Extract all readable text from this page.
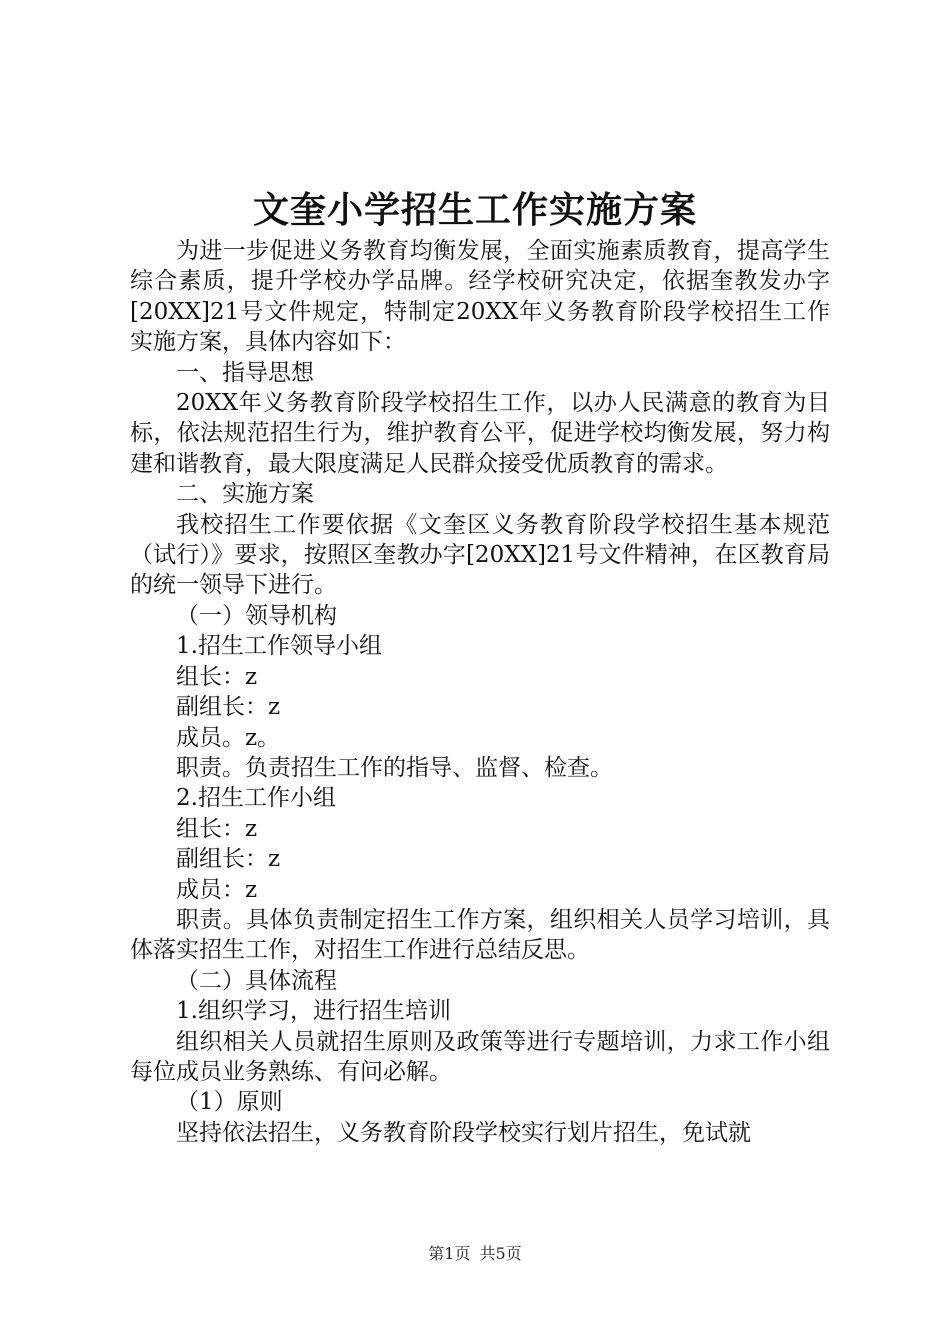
文奎小学招生工作实施方案

为进一步促进义务教育均衡发展，全面实施素质教育，提高学生综合素质，提升学校办学品牌。经学校研究决定，依据奎教发办字[20XX]21号文件规定，特制定20XX年义务教育阶段学校招生工作实施方案，具体内容如下：

一、指导思想

20XX年义务教育阶段学校招生工作，以办人民满意的教育为目标，依法规范招生行为，维护教育公平，促进学校均衡发展，努力构建和谐教育，最大限度满足人民群众接受优质教育的需求。

二、实施方案

我校招生工作要依据《文奎区义务教育阶段学校招生基本规范（试行）》要求，按照区奎教办字[20XX]21号文件精神，在区教育局的统一领导下进行。

（一）领导机构

1.招生工作领导小组

组长：z

副组长：z

成员。z。

职责。负责招生工作的指导、监督、检查。

2.招生工作小组

组长：z

副组长：z

成员：z

职责。具体负责制定招生工作方案，组织相关人员学习培训，具体落实招生工作，对招生工作进行总结反思。

（二）具体流程

1.组织学习，进行招生培训

组织相关人员就招生原则及政策等进行专题培训，力求工作小组每位成员业务熟练、有问必解。

（1）原则

坚持依法招生，义务教育阶段学校实行划片招生，免试就

第1页 共5页
